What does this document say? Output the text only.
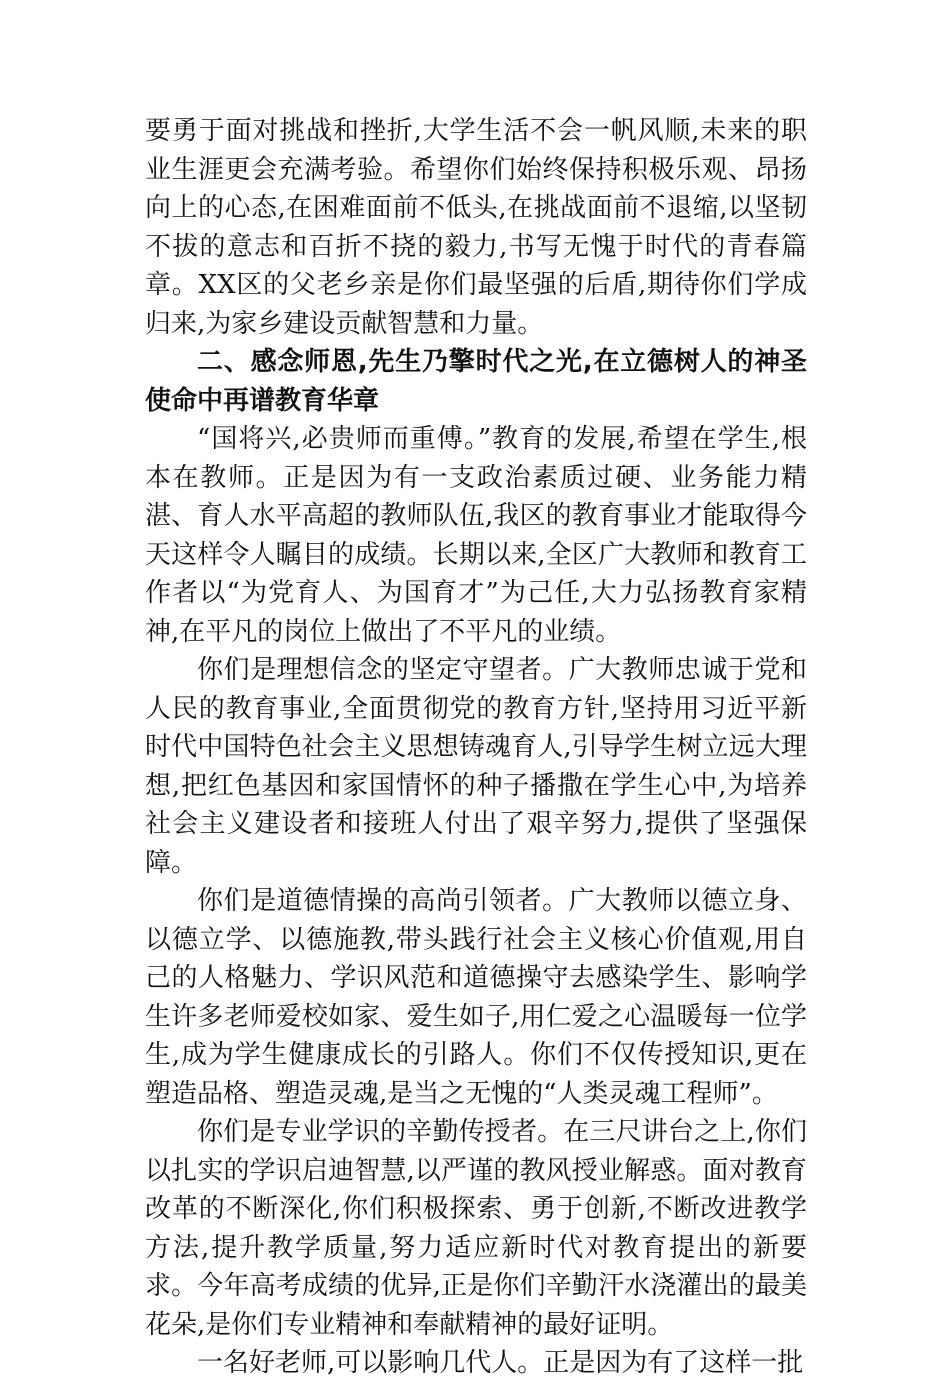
要勇于面对挑战和挫折,大学生活不会一帆风顺,未来的职业生涯更会充满考验。希望你们始终保持积极乐观、昂扬向上的心态,在困难面前不低头,在挑战面前不退缩,以坚韧不拔的意志和百折不挠的毅力,书写无愧于时代的青春篇章。XX区的父老乡亲是你们最坚强的后盾,期待你们学成归来,为家乡建设贡献智慧和力量。

二、感念师恩,先生乃擎时代之光,在立德树人的神圣使命中再谱教育华章

“国将兴,必贵师而重傅。”教育的发展,希望在学生,根本在教师。正是因为有一支政治素质过硬、业务能力精湛、育人水平高超的教师队伍,我区的教育事业才能取得今天这样令人瞩目的成绩。长期以来,全区广大教师和教育工作者以“为党育人、为国育才”为己任,大力弘扬教育家精神,在平凡的岗位上做出了不平凡的业绩。

你们是理想信念的坚定守望者。广大教师忠诚于党和人民的教育事业,全面贯彻党的教育方针,坚持用习近平新时代中国特色社会主义思想铸魂育人,引导学生树立远大理想,把红色基因和家国情怀的种子播撒在学生心中,为培养社会主义建设者和接班人付出了艰辛努力,提供了坚强保障。

你们是道德情操的高尚引领者。广大教师以德立身、以德立学、以德施教,带头践行社会主义核心价值观,用自己的人格魅力、学识风范和道德操守去感染学生、影响学生许多老师爱校如家、爱生如子,用仁爱之心温暖每一位学生,成为学生健康成长的引路人。你们不仅传授知识,更在塑造品格、塑造灵魂,是当之无愧的“人类灵魂工程师”。

你们是专业学识的辛勤传授者。在三尺讲台之上,你们以扎实的学识启迪智慧,以严谨的教风授业解惑。面对教育改革的不断深化,你们积极探索、勇于创新,不断改进教学方法,提升教学质量,努力适应新时代对教育提出的新要求。今年高考成绩的优异,正是你们辛勤汗水浇灌出的最美花朵,是你们专业精神和奉献精神的最好证明。

一名好老师,可以影响几代人。正是因为有了这样一批
